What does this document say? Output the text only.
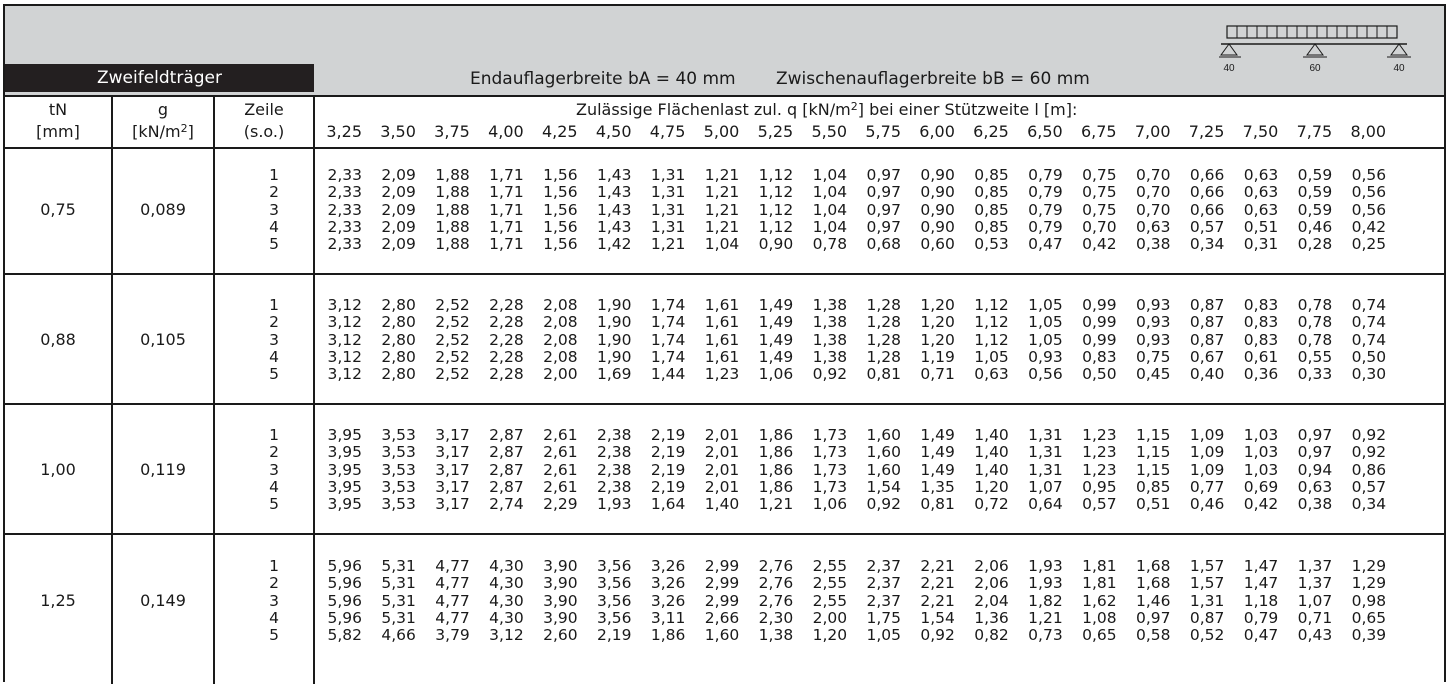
Zweifeldträger	Endauflagerbreite bA = 40 mm Zwischenauflagerbreite bB = 60 mm
40	60	40
tN
[mm]
g
$[kN/m^2]$
Zeile
(s.o.)
Zulässige Flächenlast zul. q $[kN/m^2]$ bei einer Stützweite l [m]:
3,25 3,50 3,75 4,00 4,25 4,50 4,75 5,00 5,25 5,50 5,75 6,00 6,25 6,50 6,75 7,00 7,25 7,50 7,75 8,00
0,75	0,089
1	2,33 2,09 1,88 1,71 1,56 1,43 1,31 1,21 1,12 1,04 0,97 0,90 0,85 0,79 0,75 0,70 0,66 0,63 0,59 0,56
2	2,33 2,09 1,88 1,71 1,56 1,43 1,31 1,21 1,12 1,04 0,97 0,90 0,85 0,79 0,75 0,70 0,66 0,63 0,59 0,56
3	2,33 2,09 1,88 1,71 1,56 1,43 1,31 1,21 1,12 1,04 0,97 0,90 0,85 0,79 0,75 0,70 0,66 0,63 0,59 0,56
4	2,33 2,09 1,88 1,71 1,56 1,43 1,31 1,21 1,12 1,04 0,97 0,90 0,85 0,79 0,70 0,63 0,57 0,51 0,46 0,42
5	2,33 2,09 1,88 1,71 1,56 1,42 1,21 1,04 0,90 0,78 0,68 0,60 0,53 0,47 0,42 0,38 0,34 0,31 0,28 0,25
0,88	0,105
1	3,12 2,80 2,52 2,28 2,08 1,90 1,74 1,61 1,49 1,38 1,28 1,20 1,12 1,05 0,99 0,93 0,87 0,83 0,78 0,74
2	3,12 2,80 2,52 2,28 2,08 1,90 1,74 1,61 1,49 1,38 1,28 1,20 1,12 1,05 0,99 0,93 0,87 0,83 0,78 0,74
3	3,12 2,80 2,52 2,28 2,08 1,90 1,74 1,61 1,49 1,38 1,28 1,20 1,12 1,05 0,99 0,93 0,87 0,83 0,78 0,74
4	3,12 2,80 2,52 2,28 2,08 1,90 1,74 1,61 1,49 1,38 1,28 1,19 1,05 0,93 0,83 0,75 0,67 0,61 0,55 0,50
5	3,12 2,80 2,52 2,28 2,00 1,69 1,44 1,23 1,06 0,92 0,81 0,71 0,63 0,56 0,50 0,45 0,40 0,36 0,33 0,30
1,00	0,119
1	3,95 3,53 3,17 2,87 2,61 2,38 2,19 2,01 1,86 1,73 1,60 1,49 1,40 1,31 1,23 1,15 1,09 1,03 0,97 0,92
2	3,95 3,53 3,17 2,87 2,61 2,38 2,19 2,01 1,86 1,73 1,60 1,49 1,40 1,31 1,23 1,15 1,09 1,03 0,97 0,92
3	3,95 3,53 3,17 2,87 2,61 2,38 2,19 2,01 1,86 1,73 1,60 1,49 1,40 1,31 1,23 1,15 1,09 1,03 0,94 0,86
4	3,95 3,53 3,17 2,87 2,61 2,38 2,19 2,01 1,86 1,73 1,54 1,35 1,20 1,07 0,95 0,85 0,77 0,69 0,63 0,57
5	3,95 3,53 3,17 2,74 2,29 1,93 1,64 1,40 1,21 1,06 0,92 0,81 0,72 0,64 0,57 0,51 0,46 0,42 0,38 0,34
1,25	0,149
1	5,96 5,31 4,77 4,30 3,90 3,56 3,26 2,99 2,76 2,55 2,37 2,21 2,06 1,93 1,81 1,68 1,57 1,47 1,37 1,29
2	5,96 5,31 4,77 4,30 3,90 3,56 3,26 2,99 2,76 2,55 2,37 2,21 2,06 1,93 1,81 1,68 1,57 1,47 1,37 1,29
3	5,96 5,31 4,77 4,30 3,90 3,56 3,26 2,99 2,76 2,55 2,37 2,21 2,04 1,82 1,62 1,46 1,31 1,18 1,07 0,98
4	5,96 5,31 4,77 4,30 3,90 3,56 3,11 2,66 2,30 2,00 1,75 1,54 1,36 1,21 1,08 0,97 0,87 0,79 0,71 0,65
5	5,82 4,66 3,79 3,12 2,60 2,19 1,86 1,60 1,38 1,20 1,05 0,92 0,82 0,73 0,65 0,58 0,52 0,47 0,43 0,39
